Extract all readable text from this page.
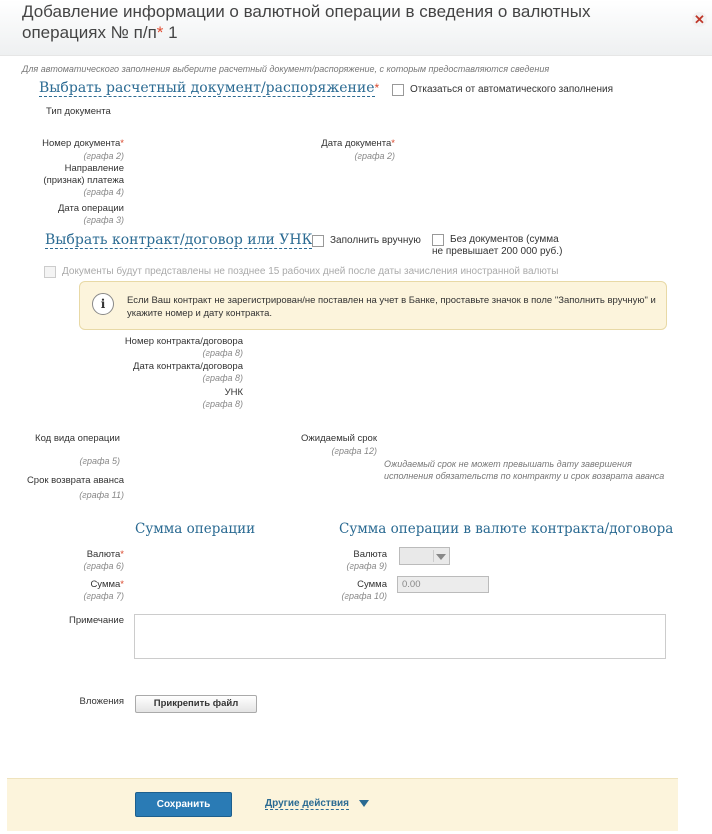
Добавление информации о валютной операции в сведения о валютных операциях № п/п* 1
✕
Для автоматического заполнения выберите расчетный документ/распоряжение, с которым предоставляются сведения
Выбрать расчетный документ/распоряжение*	Отказаться от автоматического заполнения
Тип документа
Номер документа*
(графа 2)
Дата документа*
(графа 2)
Направление
(признак) платежа
(графа 4)
Дата операции
(графа 3)
Выбрать контракт/договор или УНК	Заполнить вручную	Без документов (сумма
не превышает 200 000 руб.)
Документы будут представлены не позднее 15 рабочих дней после даты зачисления иностранной валюты
i	Если Ваш контракт не зарегистрирован/не поставлен на учет в Банке, проставьте значок в поле "Заполнить вручную" и укажите номер и дату контракта.
Номер контракта/договора
(графа 8)
Дата контракта/договора
(графа 8)
УНК
(графа 8)
Код вида операции
(графа 5)
Ожидаемый срок
(графа 12)
Ожидаемый срок не может превышать дату завершения
исполнения обязательств по контракту и срок возврата аванса
Срок возврата аванса
(графа 11)
Сумма операции	Сумма операции в валюте контракта/договора
Валюта*
(графа 6)
Сумма*
(графа 7)
Валюта
(графа 9)
Сумма
(графа 10)
0.00
Примечание
Вложения	Прикрепить файл
Сохранить	Другие действия
